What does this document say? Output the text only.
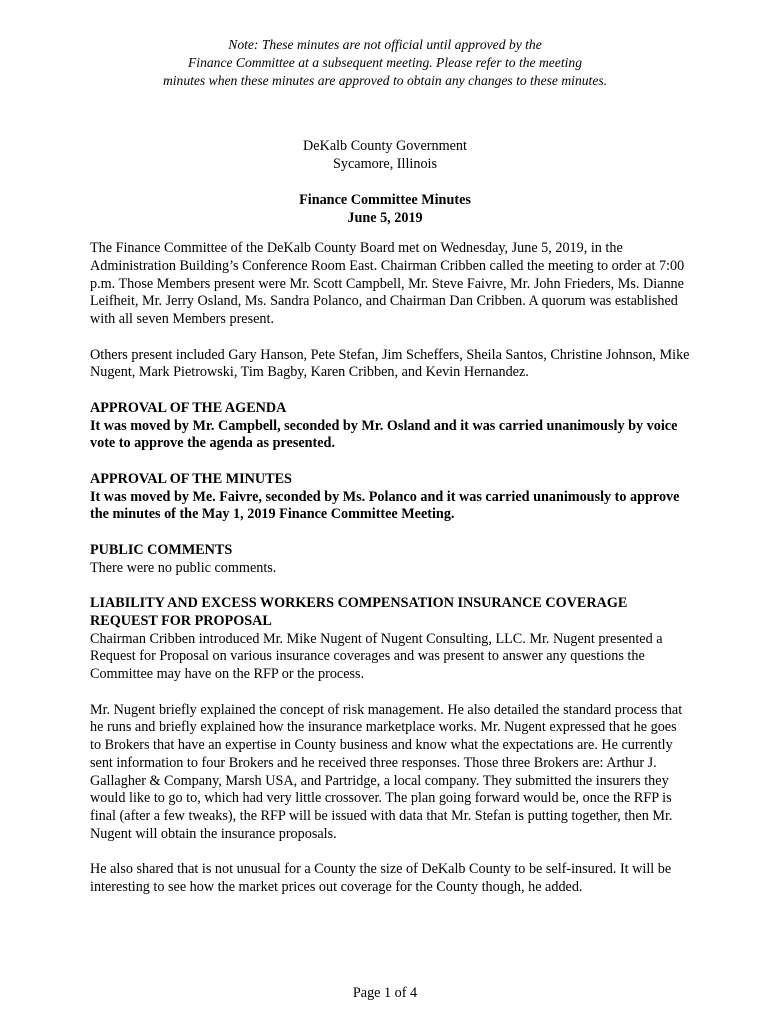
Note: These minutes are not official until approved by the
Finance Committee at a subsequent meeting. Please refer to the meeting
minutes when these minutes are approved to obtain any changes to these minutes.
DeKalb County Government
Sycamore, Illinois
Finance Committee Minutes
June 5, 2019

The Finance Committee of the DeKalb County Board met on Wednesday, June 5, 2019, in the Administration Building’s Conference Room East. Chairman Cribben called the meeting to order at 7:00 p.m. Those Members present were Mr. Scott Campbell, Mr. Steve Faivre, Mr. John Frieders, Ms. Dianne Leifheit, Mr. Jerry Osland, Ms. Sandra Polanco, and Chairman Dan Cribben. A quorum was established with all seven Members present.

Others present included Gary Hanson, Pete Stefan, Jim Scheffers, Sheila Santos, Christine Johnson, Mike Nugent, Mark Pietrowski, Tim Bagby, Karen Cribben, and Kevin Hernandez.

APPROVAL OF THE AGENDA
It was moved by Mr. Campbell, seconded by Mr. Osland and it was carried unanimously by voice vote to approve the agenda as presented.

APPROVAL OF THE MINUTES
It was moved by Me. Faivre, seconded by Ms. Polanco and it was carried unanimously to approve the minutes of the May 1, 2019 Finance Committee Meeting.

PUBLIC COMMENTS
There were no public comments.

LIABILITY AND EXCESS WORKERS COMPENSATION INSURANCE COVERAGE REQUEST FOR PROPOSAL
Chairman Cribben introduced Mr. Mike Nugent of Nugent Consulting, LLC. Mr. Nugent presented a Request for Proposal on various insurance coverages and was present to answer any questions the Committee may have on the RFP or the process.

Mr. Nugent briefly explained the concept of risk management. He also detailed the standard process that he runs and briefly explained how the insurance marketplace works. Mr. Nugent expressed that he goes to Brokers that have an expertise in County business and know what the expectations are. He currently sent information to four Brokers and he received three responses. Those three Brokers are: Arthur J. Gallagher & Company, Marsh USA, and Partridge, a local company. They submitted the insurers they would like to go to, which had very little crossover. The plan going forward would be, once the RFP is final (after a few tweaks), the RFP will be issued with data that Mr. Stefan is putting together, then Mr. Nugent will obtain the insurance proposals.

He also shared that is not unusual for a County the size of DeKalb County to be self-insured. It will be interesting to see how the market prices out coverage for the County though, he added.

Page 1 of 4
